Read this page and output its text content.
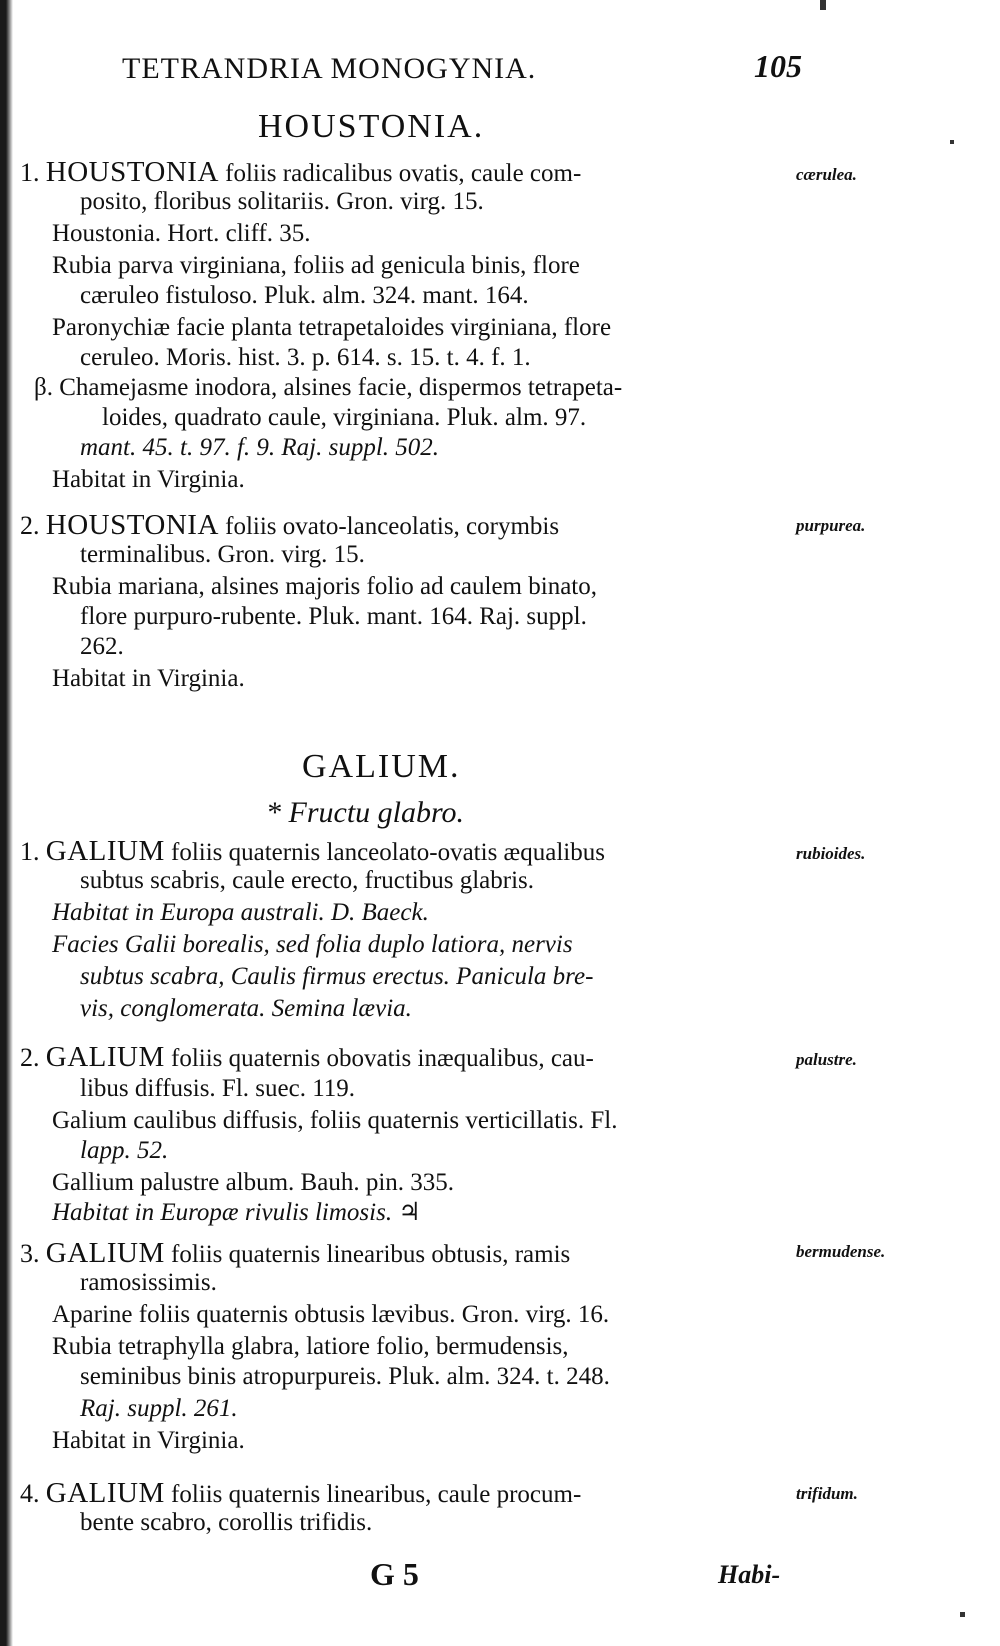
TETRANDRIA MONOGYNIA.	105
HOUSTONIA.
1. HOUSTONIA foliis radicalibus ovatis, caule com-	cærulea.
posito, floribus solitariis. Gron. virg. 15.
Houstonia. Hort. cliff. 35.
Rubia parva virginiana, foliis ad genicula binis, flore
cæruleo fistuloso. Pluk. alm. 324. mant. 164.
Paronychiæ facie planta tetrapetaloides virginiana, flore
ceruleo. Moris. hist. 3. p. 614. s. 15. t. 4. f. 1.
β. Chamejasme inodora, alsines facie, dispermos tetrapeta-
loides, quadrato caule, virginiana. Pluk. alm. 97.
mant. 45. t. 97. f. 9. Raj. suppl. 502.
Habitat in Virginia.
2. HOUSTONIA foliis ovato-lanceolatis, corymbis	purpurea.
terminalibus. Gron. virg. 15.
Rubia mariana, alsines majoris folio ad caulem binato,
flore purpuro-rubente. Pluk. mant. 164. Raj. suppl.
262.
Habitat in Virginia.
GALIUM.
* Fructu glabro.
1. GALIUM foliis quaternis lanceolato-ovatis æqualibus	rubioides.
subtus scabris, caule erecto, fructibus glabris.
Habitat in Europa australi. D. Baeck.
Facies Galii borealis, sed folia duplo latiora, nervis
subtus scabra, Caulis firmus erectus. Panicula bre-
vis, conglomerata. Semina lævia.
2. GALIUM foliis quaternis obovatis inæqualibus, cau-	palustre.
libus diffusis. Fl. suec. 119.
Galium caulibus diffusis, foliis quaternis verticillatis. Fl.
lapp. 52.
Gallium palustre album. Bauh. pin. 335.
Habitat in Europæ rivulis limosis. ♃
3. GALIUM foliis quaternis linearibus obtusis, ramis	bermudense.
ramosissimis.
Aparine foliis quaternis obtusis lævibus. Gron. virg. 16.
Rubia tetraphylla glabra, latiore folio, bermudensis,
seminibus binis atropurpureis. Pluk. alm. 324. t. 248.
Raj. suppl. 261.
Habitat in Virginia.
4. GALIUM foliis quaternis linearibus, caule procum-	trifidum.
bente scabro, corollis trifidis.
G 5	Habi-
